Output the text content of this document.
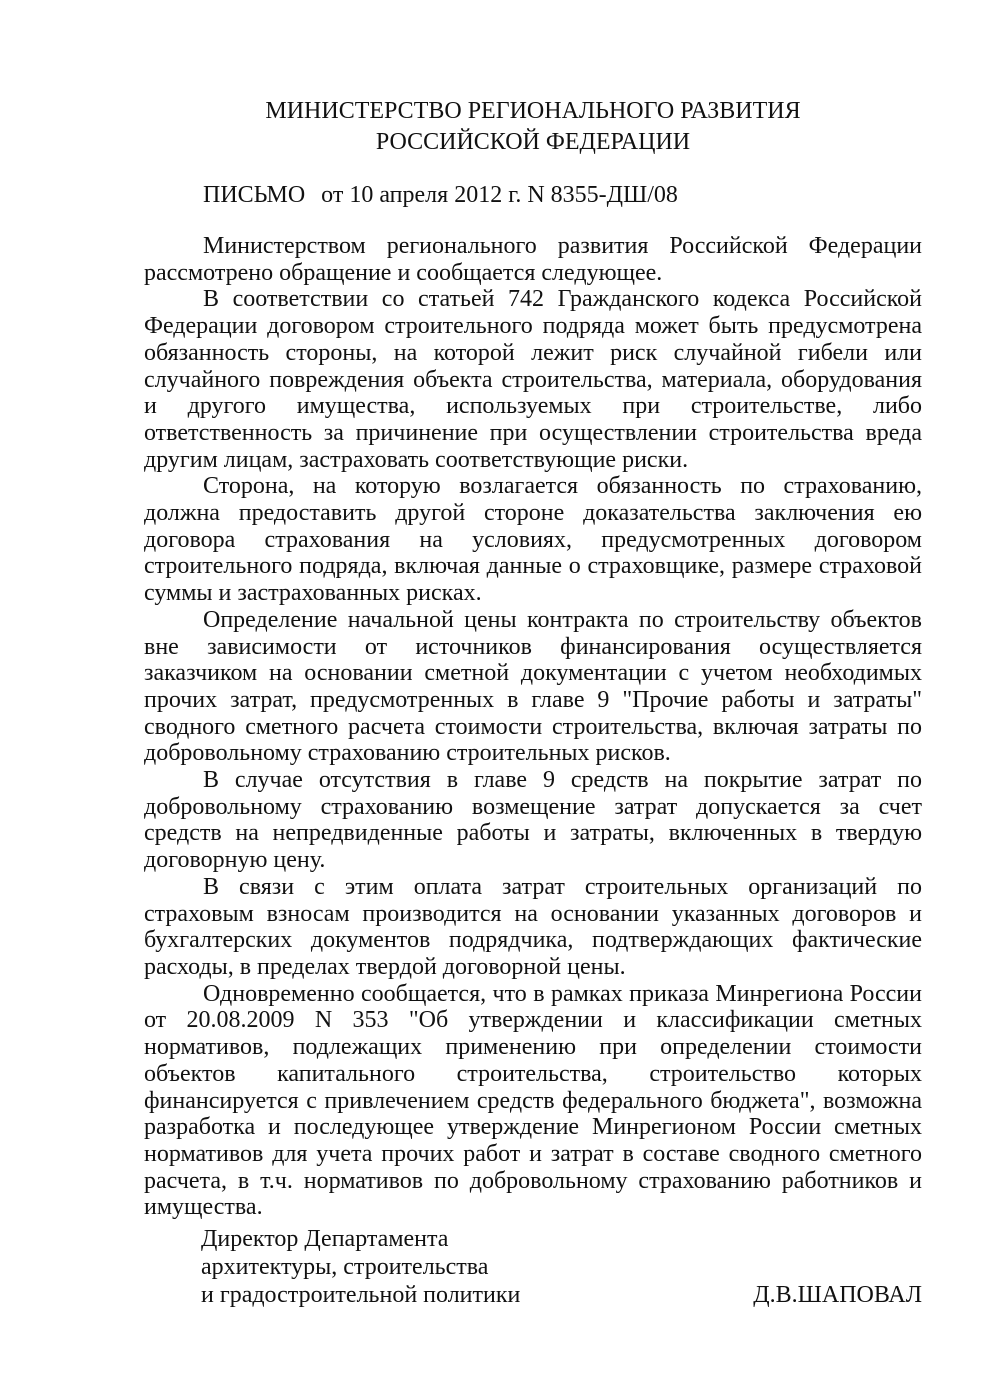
МИНИСТЕРСТВО РЕГИОНАЛЬНОГО РАЗВИТИЯ
РОССИЙСКОЙ ФЕДЕРАЦИИ
ПИСЬМО от 10 апреля 2012 г. N 8355-ДШ/08

Министерством регионального развития Российской Федерации рассмотрено обращение и сообщается следующее.

В соответствии со статьей 742 Гражданского кодекса Российской Федерации договором строительного подряда может быть предусмотрена обязанность стороны, на которой лежит риск случайной гибели или случайного повреждения объекта строительства, материала, оборудования и другого имущества, используемых при строительстве, либо ответственность за причинение при осуществлении строительства вреда другим лицам, застраховать соответствующие риски.

Сторона, на которую возлагается обязанность по страхованию, должна предоставить другой стороне доказательства заключения ею договора страхования на условиях, предусмотренных договором строительного подряда, включая данные о страховщике, размере страховой суммы и застрахованных рисках.

Определение начальной цены контракта по строительству объектов вне зависимости от источников финансирования осуществляется заказчиком на основании сметной документации с учетом необходимых прочих затрат, предусмотренных в главе 9 "Прочие работы и затраты" сводного сметного расчета стоимости строительства, включая затраты по добровольному страхованию строительных рисков.

В случае отсутствия в главе 9 средств на покрытие затрат по добровольному страхованию возмещение затрат допускается за счет средств на непредвиденные работы и затраты, включенных в твердую договорную цену.

В связи с этим оплата затрат строительных организаций по страховым взносам производится на основании указанных договоров и бухгалтерских документов подрядчика, подтверждающих фактические расходы, в пределах твердой договорной цены.

Одновременно сообщается, что в рамках приказа Минрегиона России от 20.08.2009 N 353 "Об утверждении и классификации сметных нормативов, подлежащих применению при определении стоимости объектов капитального строительства, строительство которых финансируется с привлечением средств федерального бюджета", возможна разработка и последующее утверждение Минрегионом России сметных нормативов для учета прочих работ и затрат в составе сводного сметного расчета, в т.ч. нормативов по добровольному страхованию работников и имущества.

Директор Департамента
архитектуры, строительства
и градостроительной политики	Д.В.ШАПОВАЛ
